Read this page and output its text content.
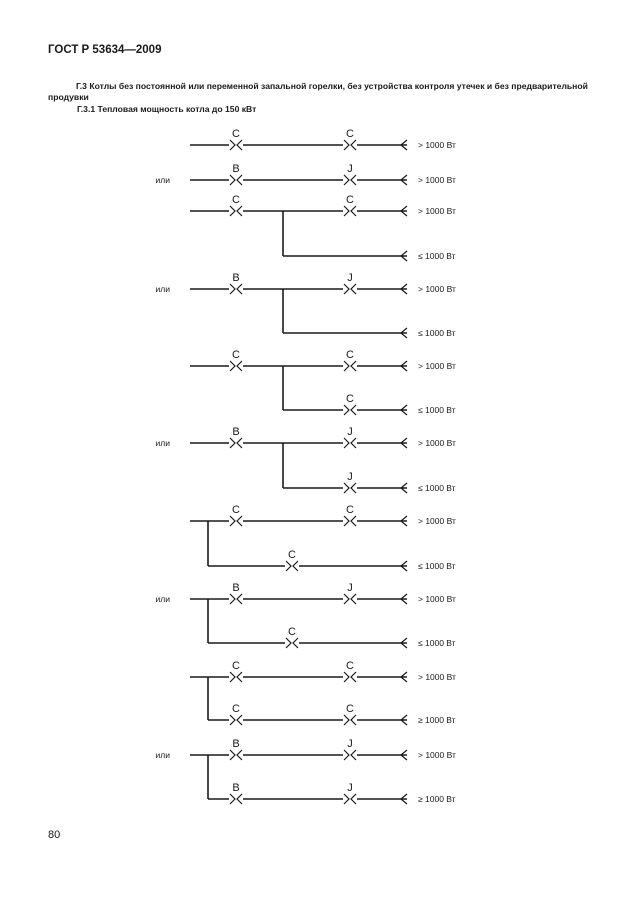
ГОСТ Р 53634—2009
Г.3 Котлы без постоянной или переменной запальной горелки, без устройства контроля утечек и без предварительной продувки
Г.3.1 Тепловая мощность котла до 150 кВт
C	C
> 1000 Вт
или
B	J
> 1000 Вт
C	C
> 1000 Вт
≤ 1000 Вт
или
B	J
> 1000 Вт
≤ 1000 Вт
C	C
> 1000 Вт
C
≤ 1000 Вт
или
B	J
> 1000 Вт
J
≤ 1000 Вт
C	C
> 1000 Вт
C
≤ 1000 Вт
или
B	J
> 1000 Вт
C
≤ 1000 Вт
C	C
> 1000 Вт
C	C
≥ 1000 Вт
или
B	J
> 1000 Вт
B	J
≥ 1000 Вт
80
